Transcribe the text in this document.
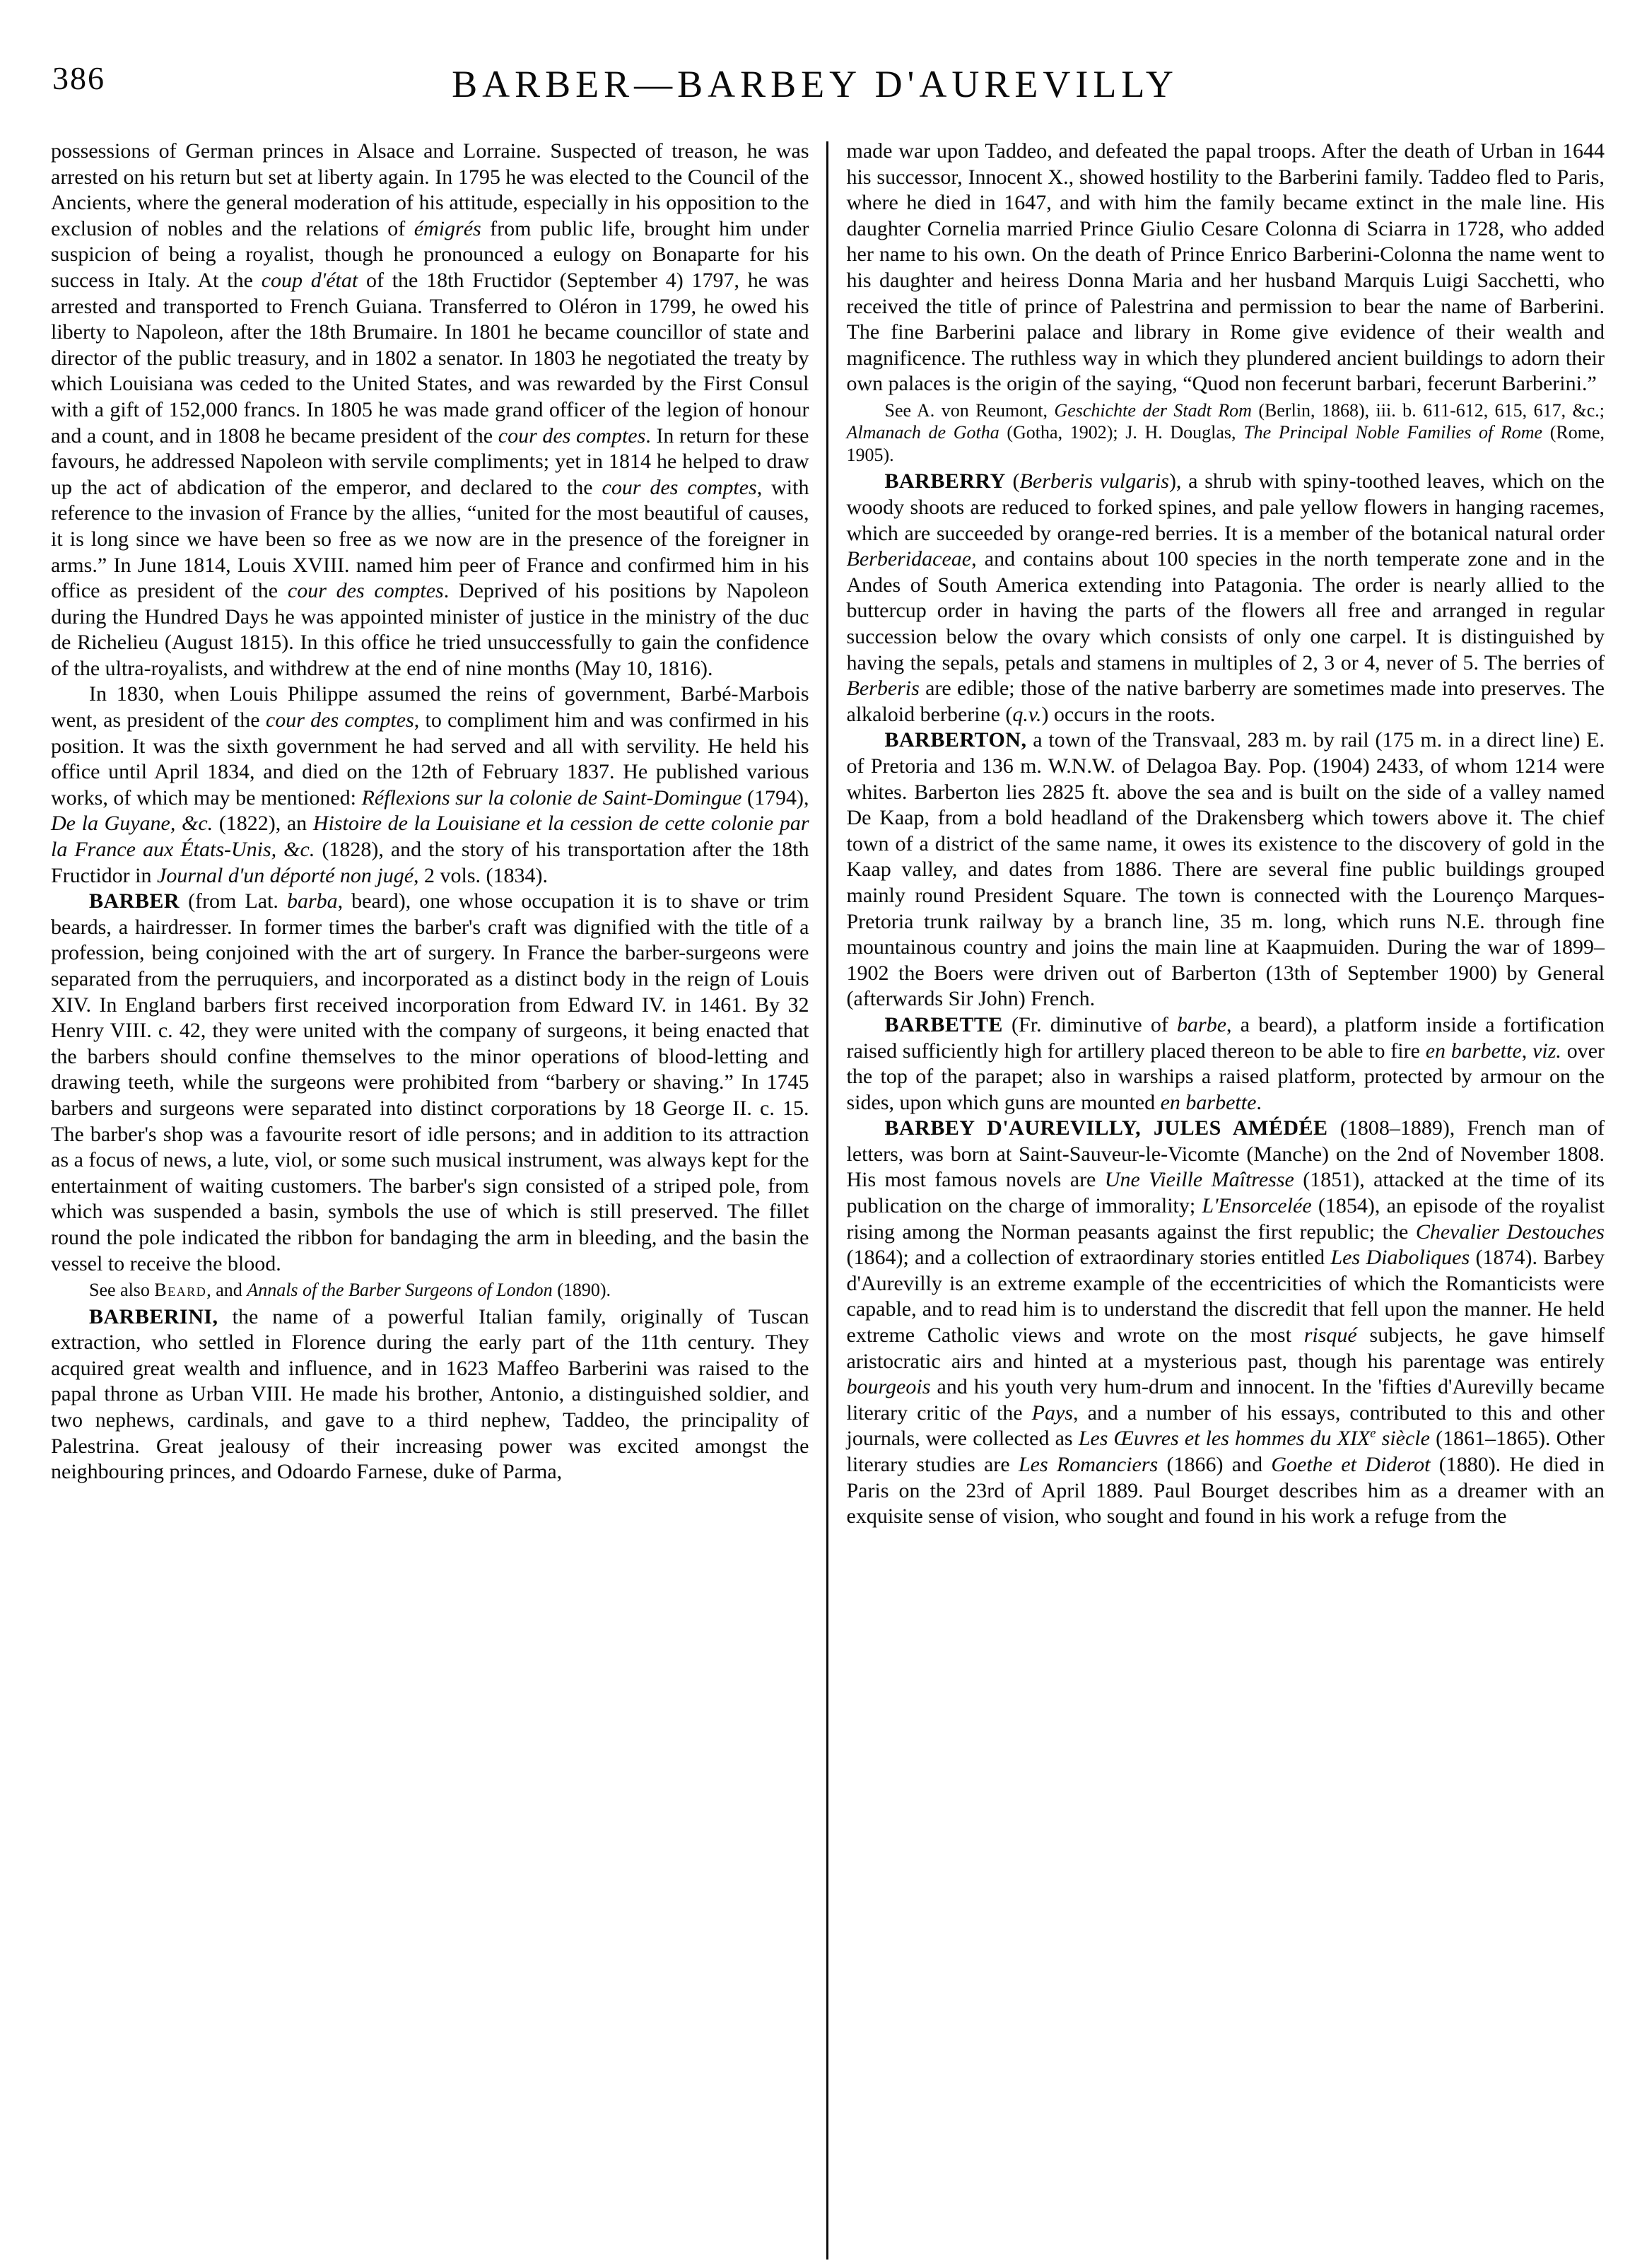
386	BARBER—BARBEY D'AUREVILLY

possessions of German princes in Alsace and Lorraine. Suspected of treason, he was arrested on his return but set at liberty again. In 1795 he was elected to the Council of the Ancients, where the general moderation of his attitude, especially in his opposition to the exclusion of nobles and the relations of émigrés from public life, brought him under suspicion of being a royalist, though he pronounced a eulogy on Bonaparte for his success in Italy. At the coup d'état of the 18th Fructidor (September 4) 1797, he was arrested and transported to French Guiana. Transferred to Oléron in 1799, he owed his liberty to Napoleon, after the 18th Brumaire. In 1801 he became councillor of state and director of the public treasury, and in 1802 a senator. In 1803 he negotiated the treaty by which Louisiana was ceded to the United States, and was rewarded by the First Consul with a gift of 152,000 francs. In 1805 he was made grand officer of the legion of honour and a count, and in 1808 he became president of the cour des comptes. In return for these favours, he addressed Napoleon with servile compliments; yet in 1814 he helped to draw up the act of abdication of the emperor, and declared to the cour des comptes, with reference to the invasion of France by the allies, “united for the most beautiful of causes, it is long since we have been so free as we now are in the presence of the foreigner in arms.” In June 1814, Louis XVIII. named him peer of France and confirmed him in his office as president of the cour des comptes. Deprived of his positions by Napoleon during the Hundred Days he was appointed minister of justice in the ministry of the duc de Richelieu (August 1815). In this office he tried unsuccessfully to gain the confidence of the ultra-royalists, and withdrew at the end of nine months (May 10, 1816).

In 1830, when Louis Philippe assumed the reins of government, Barbé-Marbois went, as president of the cour des comptes, to compliment him and was confirmed in his position. It was the sixth government he had served and all with servility. He held his office until April 1834, and died on the 12th of February 1837. He published various works, of which may be mentioned: Réflexions sur la colonie de Saint-Domingue (1794), De la Guyane, &c. (1822), an Histoire de la Louisiane et la cession de cette colonie par la France aux États-Unis, &c. (1828), and the story of his transportation after the 18th Fructidor in Journal d'un déporté non jugé, 2 vols. (1834).

BARBER (from Lat. barba, beard), one whose occupation it is to shave or trim beards, a hairdresser. In former times the barber's craft was dignified with the title of a profession, being conjoined with the art of surgery. In France the barber-surgeons were separated from the perruquiers, and incorporated as a distinct body in the reign of Louis XIV. In England barbers first received incorporation from Edward IV. in 1461. By 32 Henry VIII. c. 42, they were united with the company of surgeons, it being enacted that the barbers should confine themselves to the minor operations of blood-letting and drawing teeth, while the surgeons were prohibited from “barbery or shaving.” In 1745 barbers and surgeons were separated into distinct corporations by 18 George II. c. 15. The barber's shop was a favourite resort of idle persons; and in addition to its attraction as a focus of news, a lute, viol, or some such musical instrument, was always kept for the entertainment of waiting customers. The barber's sign consisted of a striped pole, from which was suspended a basin, symbols the use of which is still preserved. The fillet round the pole indicated the ribbon for bandaging the arm in bleeding, and the basin the vessel to receive the blood.

See also Beard, and Annals of the Barber Surgeons of London (1890).

BARBERINI, the name of a powerful Italian family, originally of Tuscan extraction, who settled in Florence during the early part of the 11th century. They acquired great wealth and influence, and in 1623 Maffeo Barberini was raised to the papal throne as Urban VIII. He made his brother, Antonio, a distinguished soldier, and two nephews, cardinals, and gave to a third nephew, Taddeo, the principality of Palestrina. Great jealousy of their increasing power was excited amongst the neighbouring princes, and Odoardo Farnese, duke of Parma,

made war upon Taddeo, and defeated the papal troops. After the death of Urban in 1644 his successor, Innocent X., showed hostility to the Barberini family. Taddeo fled to Paris, where he died in 1647, and with him the family became extinct in the male line. His daughter Cornelia married Prince Giulio Cesare Colonna di Sciarra in 1728, who added her name to his own. On the death of Prince Enrico Barberini-Colonna the name went to his daughter and heiress Donna Maria and her husband Marquis Luigi Sacchetti, who received the title of prince of Palestrina and permission to bear the name of Barberini. The fine Barberini palace and library in Rome give evidence of their wealth and magnificence. The ruthless way in which they plundered ancient buildings to adorn their own palaces is the origin of the saying, “Quod non fecerunt barbari, fecerunt Barberini.”

See A. von Reumont, Geschichte der Stadt Rom (Berlin, 1868), iii. b. 611-612, 615, 617, &c.; Almanach de Gotha (Gotha, 1902); J. H. Douglas, The Principal Noble Families of Rome (Rome, 1905).

BARBERRY (Berberis vulgaris), a shrub with spiny-toothed leaves, which on the woody shoots are reduced to forked spines, and pale yellow flowers in hanging racemes, which are succeeded by orange-red berries. It is a member of the botanical natural order Berberidaceae, and contains about 100 species in the north temperate zone and in the Andes of South America extending into Patagonia. The order is nearly allied to the buttercup order in having the parts of the flowers all free and arranged in regular succession below the ovary which consists of only one carpel. It is distinguished by having the sepals, petals and stamens in multiples of 2, 3 or 4, never of 5. The berries of Berberis are edible; those of the native barberry are sometimes made into preserves. The alkaloid berberine (q.v.) occurs in the roots.

BARBERTON, a town of the Transvaal, 283 m. by rail (175 m. in a direct line) E. of Pretoria and 136 m. W.N.W. of Delagoa Bay. Pop. (1904) 2433, of whom 1214 were whites. Barberton lies 2825 ft. above the sea and is built on the side of a valley named De Kaap, from a bold headland of the Drakensberg which towers above it. The chief town of a district of the same name, it owes its existence to the discovery of gold in the Kaap valley, and dates from 1886. There are several fine public buildings grouped mainly round President Square. The town is connected with the Lourenço Marques-Pretoria trunk railway by a branch line, 35 m. long, which runs N.E. through fine mountainous country and joins the main line at Kaapmuiden. During the war of 1899–1902 the Boers were driven out of Barberton (13th of September 1900) by General (afterwards Sir John) French.

BARBETTE (Fr. diminutive of barbe, a beard), a platform inside a fortification raised sufficiently high for artillery placed thereon to be able to fire en barbette, viz. over the top of the parapet; also in warships a raised platform, protected by armour on the sides, upon which guns are mounted en barbette.

BARBEY D'AUREVILLY, JULES AMÉDÉE (1808–1889), French man of letters, was born at Saint-Sauveur-le-Vicomte (Manche) on the 2nd of November 1808. His most famous novels are Une Vieille Maîtresse (1851), attacked at the time of its publication on the charge of immorality; L'Ensorcelée (1854), an episode of the royalist rising among the Norman peasants against the first republic; the Chevalier Destouches (1864); and a collection of extraordinary stories entitled Les Diaboliques (1874). Barbey d'Aurevilly is an extreme example of the eccentricities of which the Romanticists were capable, and to read him is to understand the discredit that fell upon the manner. He held extreme Catholic views and wrote on the most risqué subjects, he gave himself aristocratic airs and hinted at a mysterious past, though his parentage was entirely bourgeois and his youth very hum-drum and innocent. In the 'fifties d'Aurevilly became literary critic of the Pays, and a number of his essays, contributed to this and other journals, were collected as Les Œuvres et les hommes du XIXe siècle (1861–1865). Other literary studies are Les Romanciers (1866) and Goethe et Diderot (1880). He died in Paris on the 23rd of April 1889. Paul Bourget describes him as a dreamer with an exquisite sense of vision, who sought and found in his work a refuge from the
